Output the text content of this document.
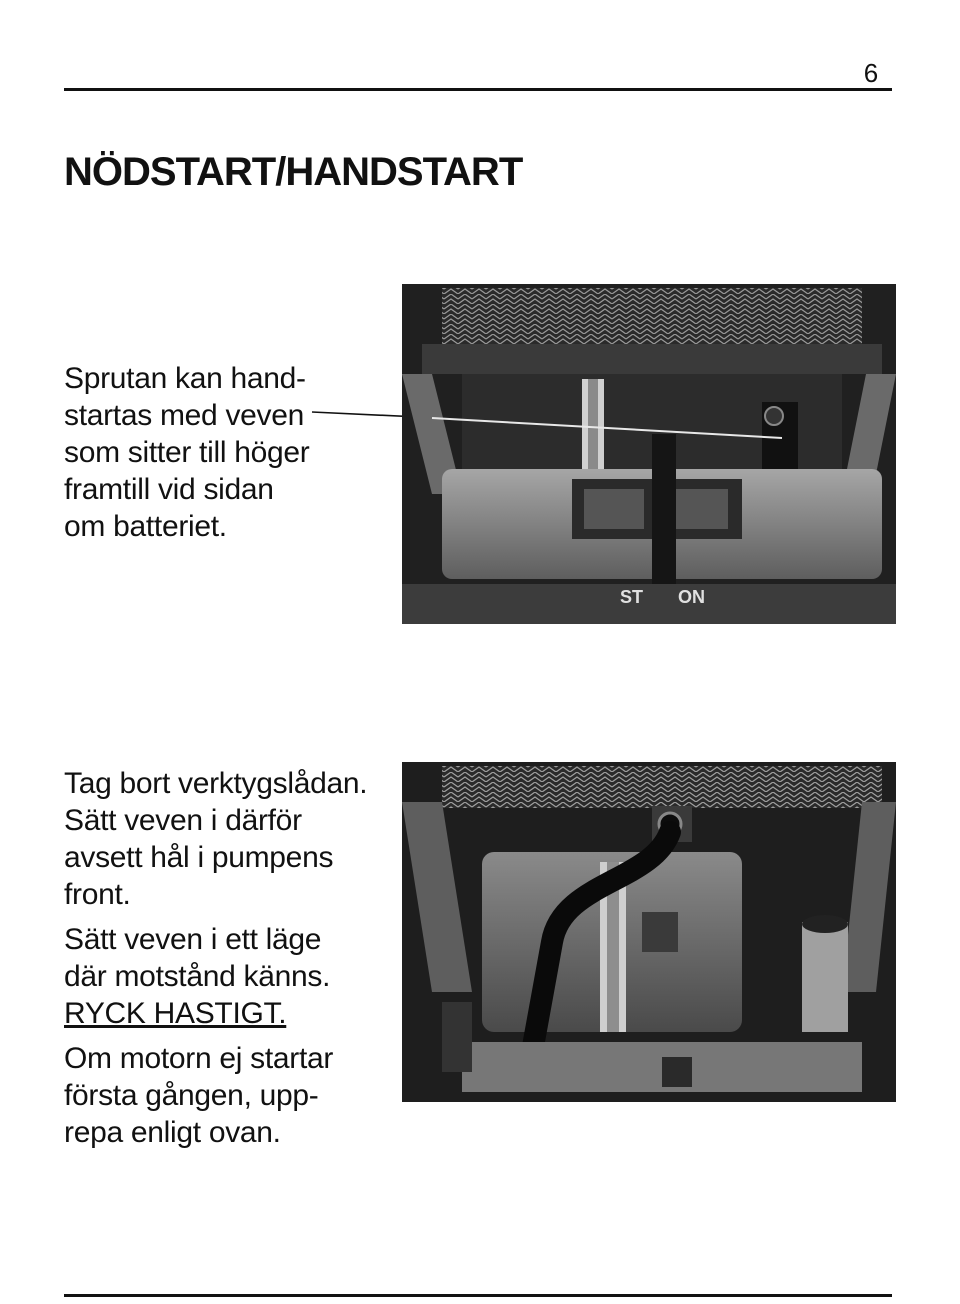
6
NÖDSTART/HANDSTART

Sprutan kan hand-

startas med veven

som sitter till höger

framtill vid sidan

om batteriet.

ST ON

Tag bort verktygslådan.

Sätt veven i därför

avsett hål i pumpens

front.

Sätt veven i ett läge

där motstånd känns.

RYCK HASTIGT.

Om motorn ej startar

första gången, upp-

repa enligt ovan.
